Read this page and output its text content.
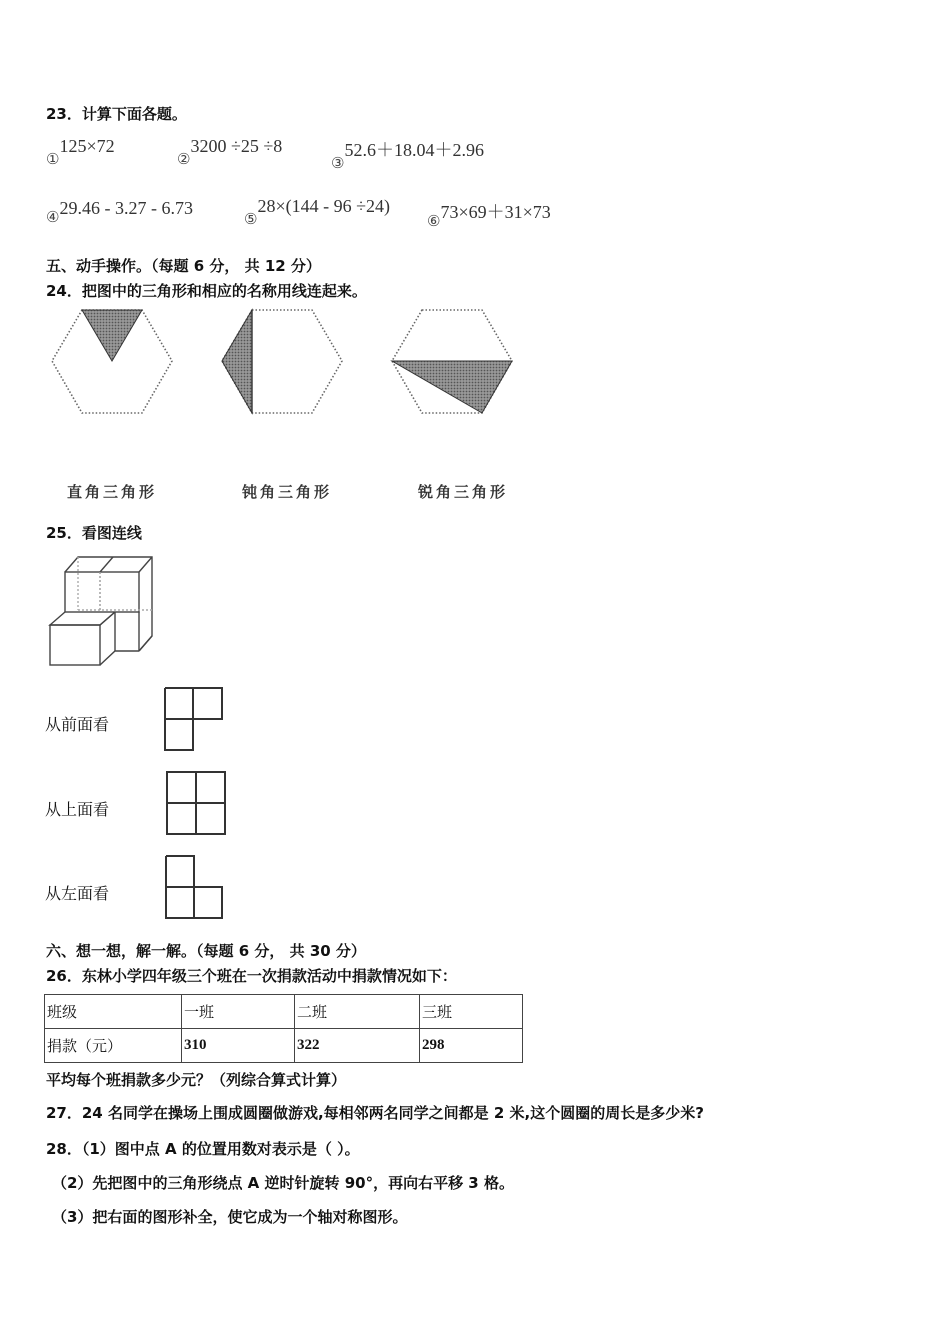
23．计算下面各题。
①125×72
②3200 ÷25 ÷8
③52.6＋18.04＋2.96
④29.46 - 3.27 - 6.73
⑤28×(144 - 96 ÷24)
⑥73×69＋31×73
五、动手操作。（每题 6 分， 共 12 分）
24．把图中的三角形和相应的名称用线连起来。
直角三角形	钝角三角形	锐角三角形
25．看图连线
从前面看
从上面看
从左面看
六、想一想，解一解。（每题 6 分， 共 30 分）
26．东林小学四年级三个班在一次捐款活动中捐款情况如下：
班级	一班	二班	三班
捐款（元）	310	322	298
平均每个班捐款多少元？（列综合算式计算）
27．24 名同学在操场上围成圆圈做游戏,每相邻两名同学之间都是 2 米,这个圆圈的周长是多少米?
28．（1）图中点 A 的位置用数对表示是（ ）。
（2）先把图中的三角形绕点 A 逆时针旋转 90°，再向右平移 3 格。
（3）把右面的图形补全，使它成为一个轴对称图形。
